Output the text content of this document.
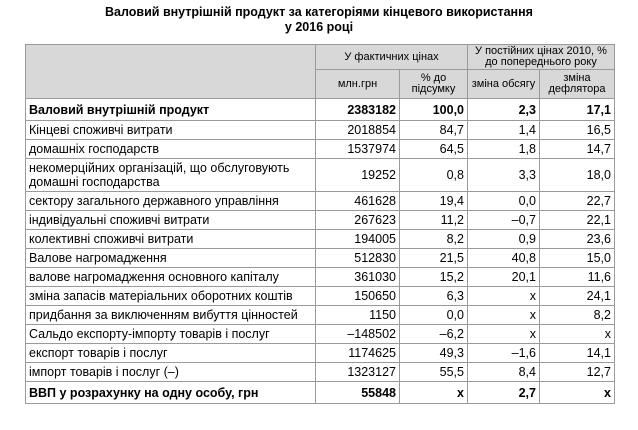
Валовий внутрішній продукт за категоріями кінцевого використання
у 2016 році
	У фактичних цінах		У постійних цінах 2010, % до попереднього року	
	млн.грн	% до підсумку	зміна обсягу	зміна дефлятора
Валовий внутрішній продукт	2383182	100,0	2,3	17,1
Кінцеві споживчі витрати	2018854	84,7	1,4	16,5
домашніх господарств	1537974	64,5	1,8	14,7
некомерційних організацій, що обслуговують домашні господарства	19252	0,8	3,3	18,0
сектору загального державного управління	461628	19,4	0,0	22,7
індивідуальні споживчі витрати	267623	11,2	–0,7	22,1
колективні споживчі витрати	194005	8,2	0,9	23,6
Валове нагромадження	512830	21,5	40,8	15,0
валове нагромадження основного капіталу	361030	15,2	20,1	11,6
зміна запасів матеріальних оборотних коштів	150650	6,3	x	24,1
придбання за виключенням вибуття цінностей	1150	0,0	x	8,2
Сальдо експорту-імпорту товарів і послуг	–148502	–6,2	x	x
експорт товарів і послуг	1174625	49,3	–1,6	14,1
імпорт товарів і послуг (–)	1323127	55,5	8,4	12,7
ВВП у розрахунку на одну особу, грн	55848	x	2,7	x
